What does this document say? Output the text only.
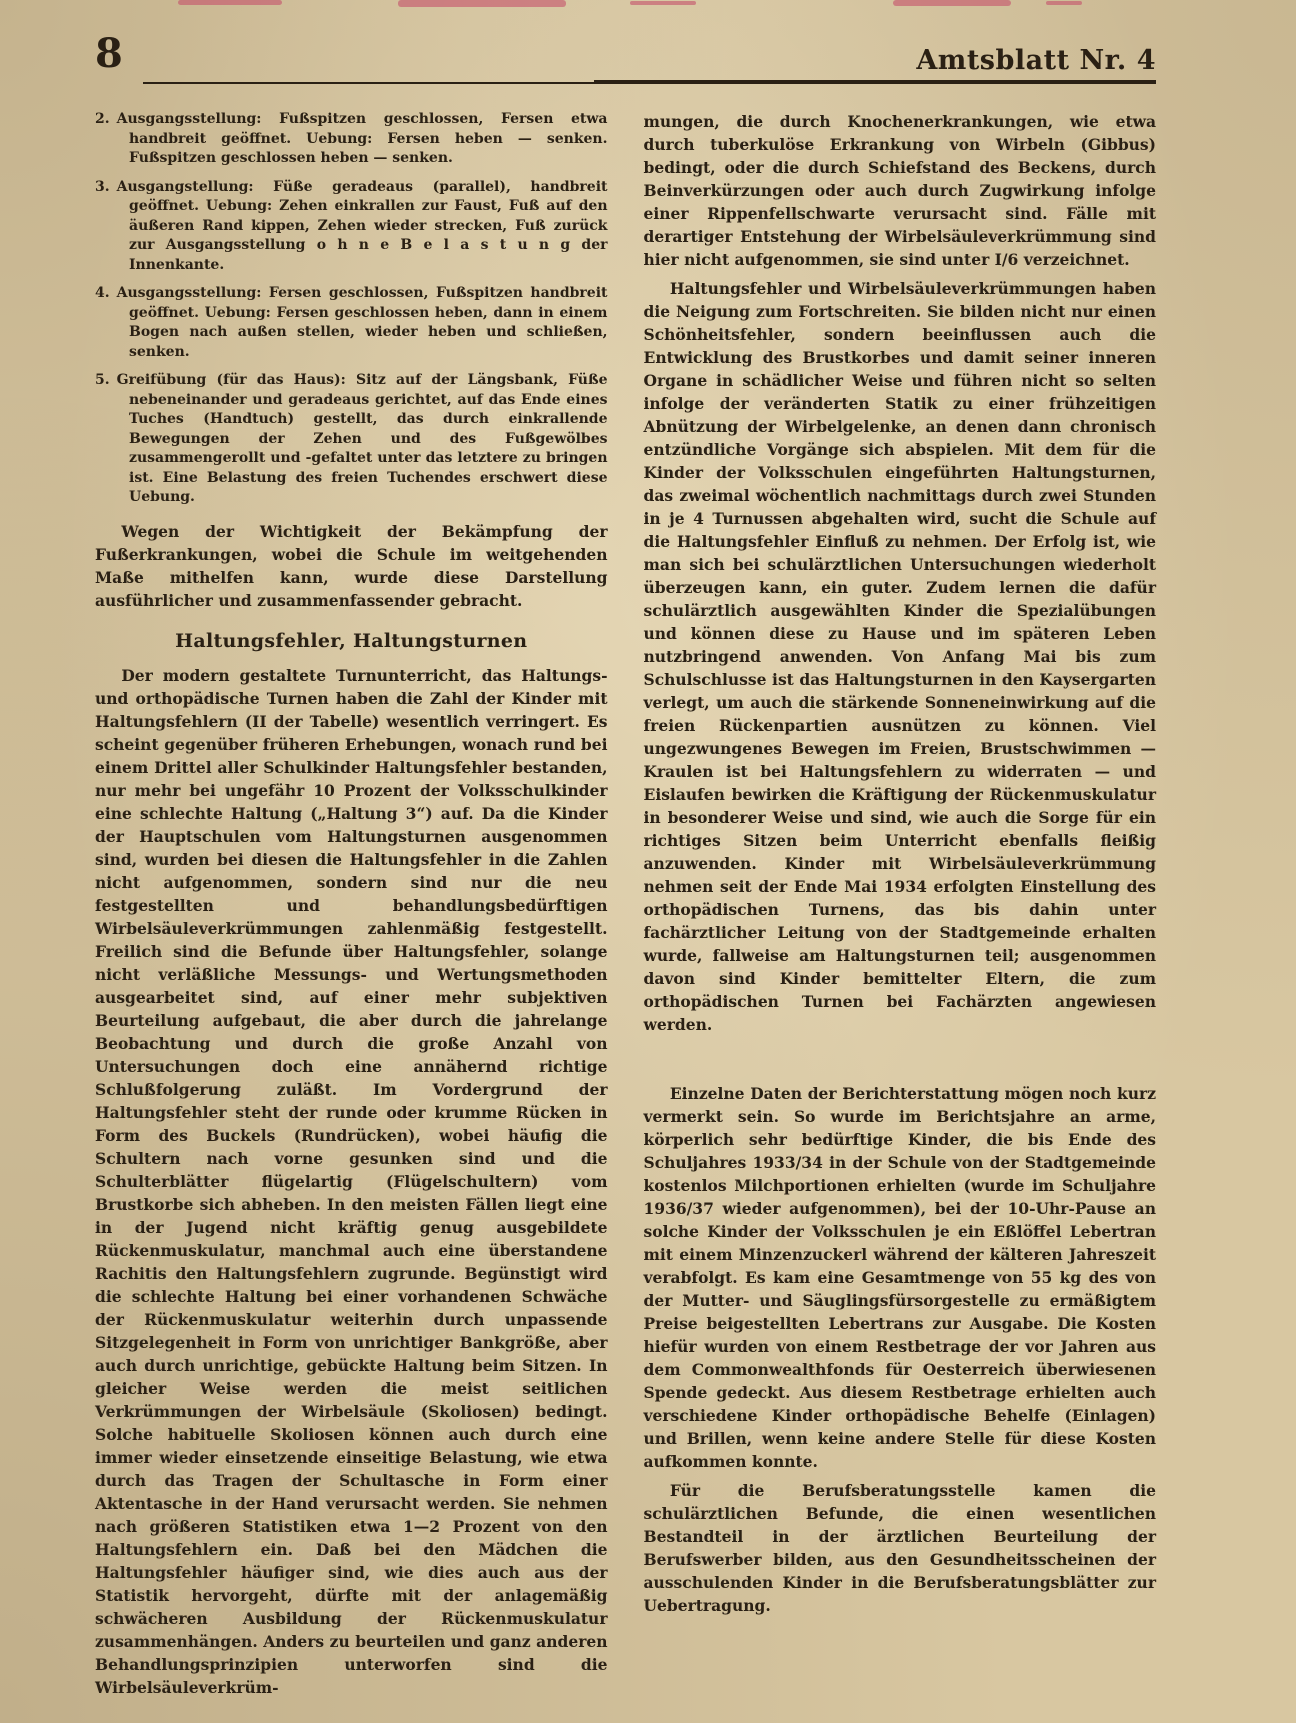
8	Amtsblatt Nr. 4
2. Ausgangsstellung: Fußspitzen geschlossen, Fersen etwa handbreit geöffnet. Uebung: Fersen heben — senken. Fußspitzen geschlossen heben — senken.
3. Ausgangstellung: Füße geradeaus (parallel), handbreit geöffnet. Uebung: Zehen einkrallen zur Faust, Fuß auf den äußeren Rand kippen, Zehen wieder strecken, Fuß zurück zur Ausgangsstellung o h n e B e l a s t u n g der Innenkante.
4. Ausgangsstellung: Fersen geschlossen, Fußspitzen handbreit geöffnet. Uebung: Fersen geschlossen heben, dann in einem Bogen nach außen stellen, wieder heben und schließen, senken.
5. Greifübung (für das Haus): Sitz auf der Längsbank, Füße nebeneinander und geradeaus gerichtet, auf das Ende eines Tuches (Handtuch) gestellt, das durch einkrallende Bewegungen der Zehen und des Fußgewölbes zusammengerollt und -gefaltet unter das letztere zu bringen ist. Eine Belastung des freien Tuchendes erschwert diese Uebung.

Wegen der Wichtigkeit der Bekämpfung der Fußerkrankungen, wobei die Schule im weitgehenden Maße mithelfen kann, wurde diese Darstellung ausführlicher und zusammenfassender gebracht.

Haltungsfehler, Haltungsturnen

Der modern gestaltete Turnunterricht, das Haltungs- und orthopädische Turnen haben die Zahl der Kinder mit Haltungsfehlern (II der Tabelle) wesentlich verringert. Es scheint gegenüber früheren Erhebungen, wonach rund bei einem Drittel aller Schulkinder Haltungsfehler bestanden, nur mehr bei ungefähr 10 Prozent der Volksschulkinder eine schlechte Haltung („Haltung 3“) auf. Da die Kinder der Hauptschulen vom Haltungsturnen ausgenommen sind, wurden bei diesen die Haltungsfehler in die Zahlen nicht aufgenommen, sondern sind nur die neu festgestellten und behandlungsbedürftigen Wirbelsäuleverkrümmungen zahlenmäßig festgestellt. Freilich sind die Befunde über Haltungsfehler, solange nicht verläßliche Messungs- und Wertungsmethoden ausgearbeitet sind, auf einer mehr subjektiven Beurteilung aufgebaut, die aber durch die jahrelange Beobachtung und durch die große Anzahl von Untersuchungen doch eine annähernd richtige Schlußfolgerung zuläßt. Im Vordergrund der Haltungsfehler steht der runde oder krumme Rücken in Form des Buckels (Rundrücken), wobei häufig die Schultern nach vorne gesunken sind und die Schulterblätter flügelartig (Flügelschultern) vom Brustkorbe sich abheben. In den meisten Fällen liegt eine in der Jugend nicht kräftig genug ausgebildete Rückenmuskulatur, manchmal auch eine überstandene Rachitis den Haltungsfehlern zugrunde. Begünstigt wird die schlechte Haltung bei einer vorhandenen Schwäche der Rückenmuskulatur weiterhin durch unpassende Sitzgelegenheit in Form von unrichtiger Bankgröße, aber auch durch unrichtige, gebückte Haltung beim Sitzen. In gleicher Weise werden die meist seitlichen Verkrümmungen der Wirbelsäule (Skoliosen) bedingt. Solche habituelle Skoliosen können auch durch eine immer wieder einsetzende einseitige Belastung, wie etwa durch das Tragen der Schultasche in Form einer Aktentasche in der Hand verursacht werden. Sie nehmen nach größeren Statistiken etwa 1—2 Prozent von den Haltungsfehlern ein. Daß bei den Mädchen die Haltungsfehler häufiger sind, wie dies auch aus der Statistik hervorgeht, dürfte mit der anlagemäßig schwächeren Ausbildung der Rückenmuskulatur zusammenhängen. Anders zu beurteilen und ganz anderen Behandlungsprinzipien unterworfen sind die Wirbelsäuleverkrüm-

mungen, die durch Knochenerkrankungen, wie etwa durch tuberkulöse Erkrankung von Wirbeln (Gibbus) bedingt, oder die durch Schiefstand des Beckens, durch Beinverkürzungen oder auch durch Zugwirkung infolge einer Rippenfellschwarte verursacht sind. Fälle mit derartiger Entstehung der Wirbelsäuleverkrümmung sind hier nicht aufgenommen, sie sind unter I/6 verzeichnet.

Haltungsfehler und Wirbelsäuleverkrümmungen haben die Neigung zum Fortschreiten. Sie bilden nicht nur einen Schönheitsfehler, sondern beeinflussen auch die Entwicklung des Brustkorbes und damit seiner inneren Organe in schädlicher Weise und führen nicht so selten infolge der veränderten Statik zu einer frühzeitigen Abnützung der Wirbelgelenke, an denen dann chronisch entzündliche Vorgänge sich abspielen. Mit dem für die Kinder der Volksschulen eingeführten Haltungsturnen, das zweimal wöchentlich nachmittags durch zwei Stunden in je 4 Turnussen abgehalten wird, sucht die Schule auf die Haltungsfehler Einfluß zu nehmen. Der Erfolg ist, wie man sich bei schulärztlichen Untersuchungen wiederholt überzeugen kann, ein guter. Zudem lernen die dafür schulärztlich ausgewählten Kinder die Spezialübungen und können diese zu Hause und im späteren Leben nutzbringend anwenden. Von Anfang Mai bis zum Schulschlusse ist das Haltungsturnen in den Kaysergarten verlegt, um auch die stärkende Sonneneinwirkung auf die freien Rückenpartien ausnützen zu können. Viel ungezwungenes Bewegen im Freien, Brustschwimmen — Kraulen ist bei Haltungsfehlern zu widerraten — und Eislaufen bewirken die Kräftigung der Rückenmuskulatur in besonderer Weise und sind, wie auch die Sorge für ein richtiges Sitzen beim Unterricht ebenfalls fleißig anzuwenden. Kinder mit Wirbelsäuleverkrümmung nehmen seit der Ende Mai 1934 erfolgten Einstellung des orthopädischen Turnens, das bis dahin unter fachärztlicher Leitung von der Stadtgemeinde erhalten wurde, fallweise am Haltungsturnen teil; ausgenommen davon sind Kinder bemittelter Eltern, die zum orthopädischen Turnen bei Fachärzten angewiesen werden.

Einzelne Daten der Berichterstattung mögen noch kurz vermerkt sein. So wurde im Berichtsjahre an arme, körperlich sehr bedürftige Kinder, die bis Ende des Schuljahres 1933/34 in der Schule von der Stadtgemeinde kostenlos Milchportionen erhielten (wurde im Schuljahre 1936/37 wieder aufgenommen), bei der 10-Uhr-Pause an solche Kinder der Volksschulen je ein Eßlöffel Lebertran mit einem Minzenzuckerl während der kälteren Jahreszeit verabfolgt. Es kam eine Gesamtmenge von 55 kg des von der Mutter- und Säuglingsfürsorgestelle zu ermäßigtem Preise beigestellten Lebertrans zur Ausgabe. Die Kosten hiefür wurden von einem Restbetrage der vor Jahren aus dem Commonwealthfonds für Oesterreich überwiesenen Spende gedeckt. Aus diesem Restbetrage erhielten auch verschiedene Kinder orthopädische Behelfe (Einlagen) und Brillen, wenn keine andere Stelle für diese Kosten aufkommen konnte.

Für die Berufsberatungsstelle kamen die schulärztlichen Befunde, die einen wesentlichen Bestandteil in der ärztlichen Beurteilung der Berufswerber bilden, aus den Gesundheitsscheinen der ausschulenden Kinder in die Berufsberatungsblätter zur Uebertragung.
